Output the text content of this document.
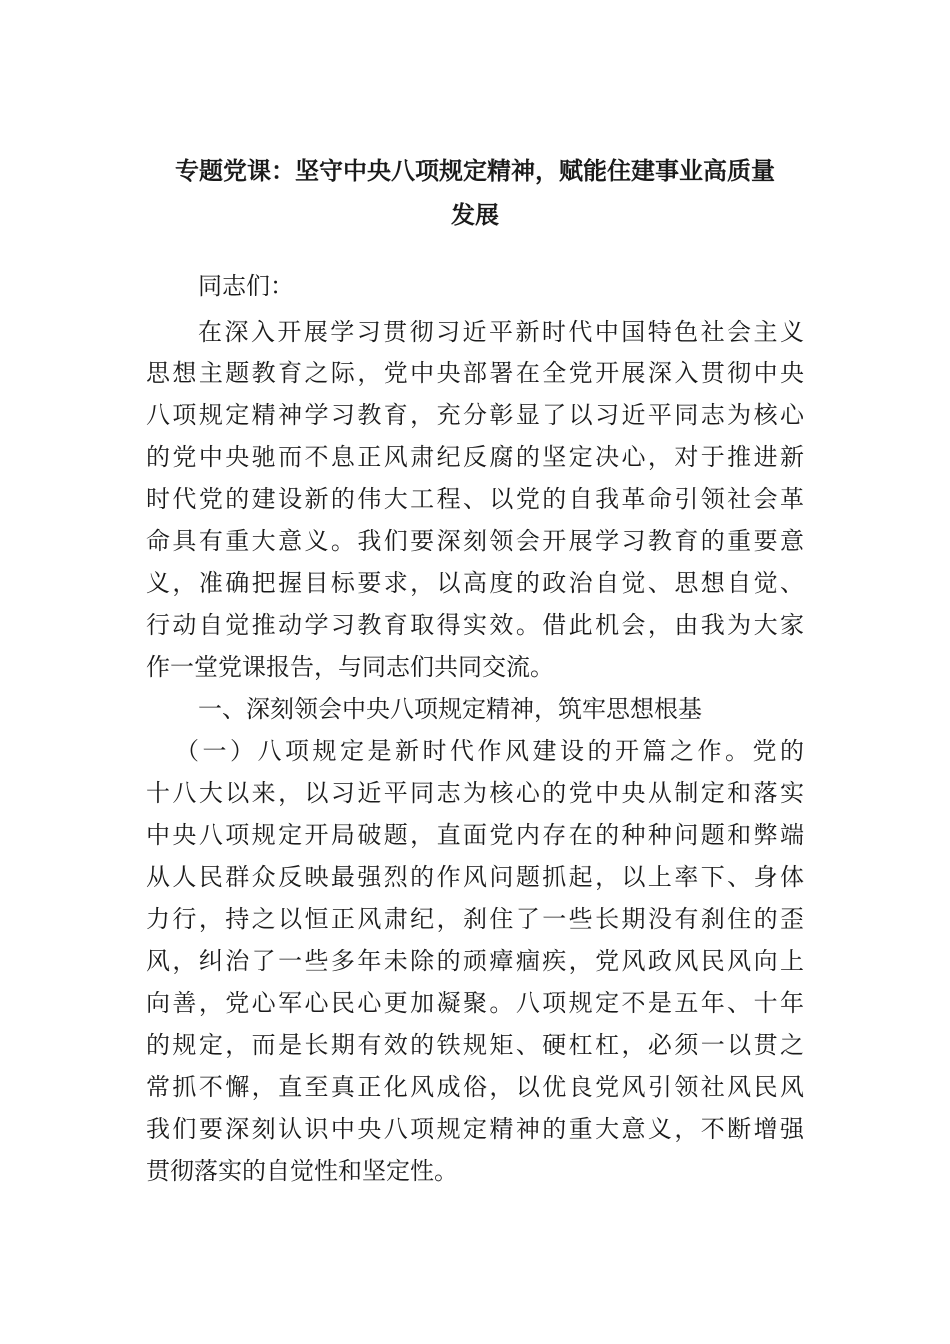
专题党课：坚守中央八项规定精神，赋能住建事业高质量
发展

同志们：

在深入开展学习贯彻习近平新时代中国特色社会主义

思想主题教育之际，党中央部署在全党开展深入贯彻中央

八项规定精神学习教育，充分彰显了以习近平同志为核心

的党中央驰而不息正风肃纪反腐的坚定决心，对于推进新

时代党的建设新的伟大工程、以党的自我革命引领社会革

命具有重大意义。我们要深刻领会开展学习教育的重要意

义，准确把握目标要求，以高度的政治自觉、思想自觉、

行动自觉推动学习教育取得实效。借此机会，由我为大家

作一堂党课报告，与同志们共同交流。

一、深刻领会中央八项规定精神，筑牢思想根基

（一）八项规定是新时代作风建设的开篇之作。党的

十八大以来，以习近平同志为核心的党中央从制定和落实

中央八项规定开局破题，直面党内存在的种种问题和弊端

从人民群众反映最强烈的作风问题抓起，以上率下、身体

力行，持之以恒正风肃纪，刹住了一些长期没有刹住的歪

风，纠治了一些多年未除的顽瘴痼疾，党风政风民风向上

向善，党心军心民心更加凝聚。八项规定不是五年、十年

的规定，而是长期有效的铁规矩、硬杠杠，必须一以贯之

常抓不懈，直至真正化风成俗，以优良党风引领社风民风

我们要深刻认识中央八项规定精神的重大意义，不断增强

贯彻落实的自觉性和坚定性。
